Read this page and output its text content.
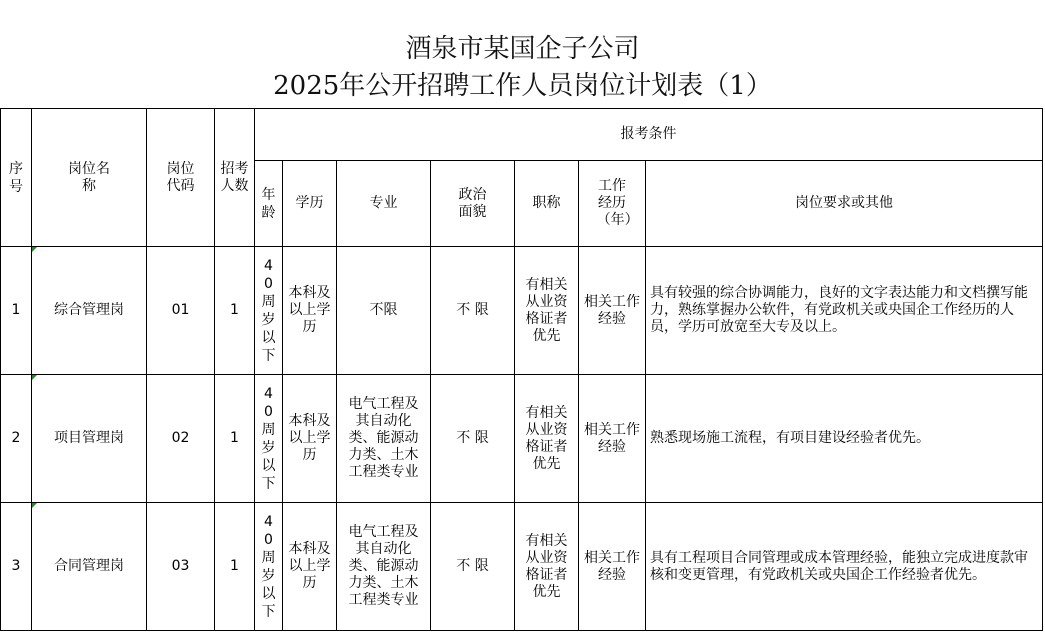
酒泉市某国企子公司
2025年公开招聘工作人员岗位计划表（1）
序号	岗位名称	岗位代码	招考人数	报考条件						
				年龄	学历	专业	政治面貌	职称	工作经历（年）	岗位要求或其他
1	综合管理岗	01	1	40周岁以下	本科及以上学历	不限	不 限	有相关从业资格证者优先	相关工作经验	具有较强的综合协调能力，良好的文字表达能力和文档撰写能力，熟练掌握办公软件，有党政机关或央国企工作经历的人员，学历可放宽至大专及以上。
2	项目管理岗	02	1	40周岁以下	本科及以上学历	电气工程及其自动化类、能源动力类、土木工程类专业	不 限	有相关从业资格证者优先	相关工作经验	熟悉现场施工流程，有项目建设经验者优先。
3	合同管理岗	03	1	40周岁以下	本科及以上学历	电气工程及其自动化类、能源动力类、土木工程类专业	不 限	有相关从业资格证者优先	相关工作经验	具有工程项目合同管理或成本管理经验，能独立完成进度款审核和变更管理，有党政机关或央国企工作经验者优先。
